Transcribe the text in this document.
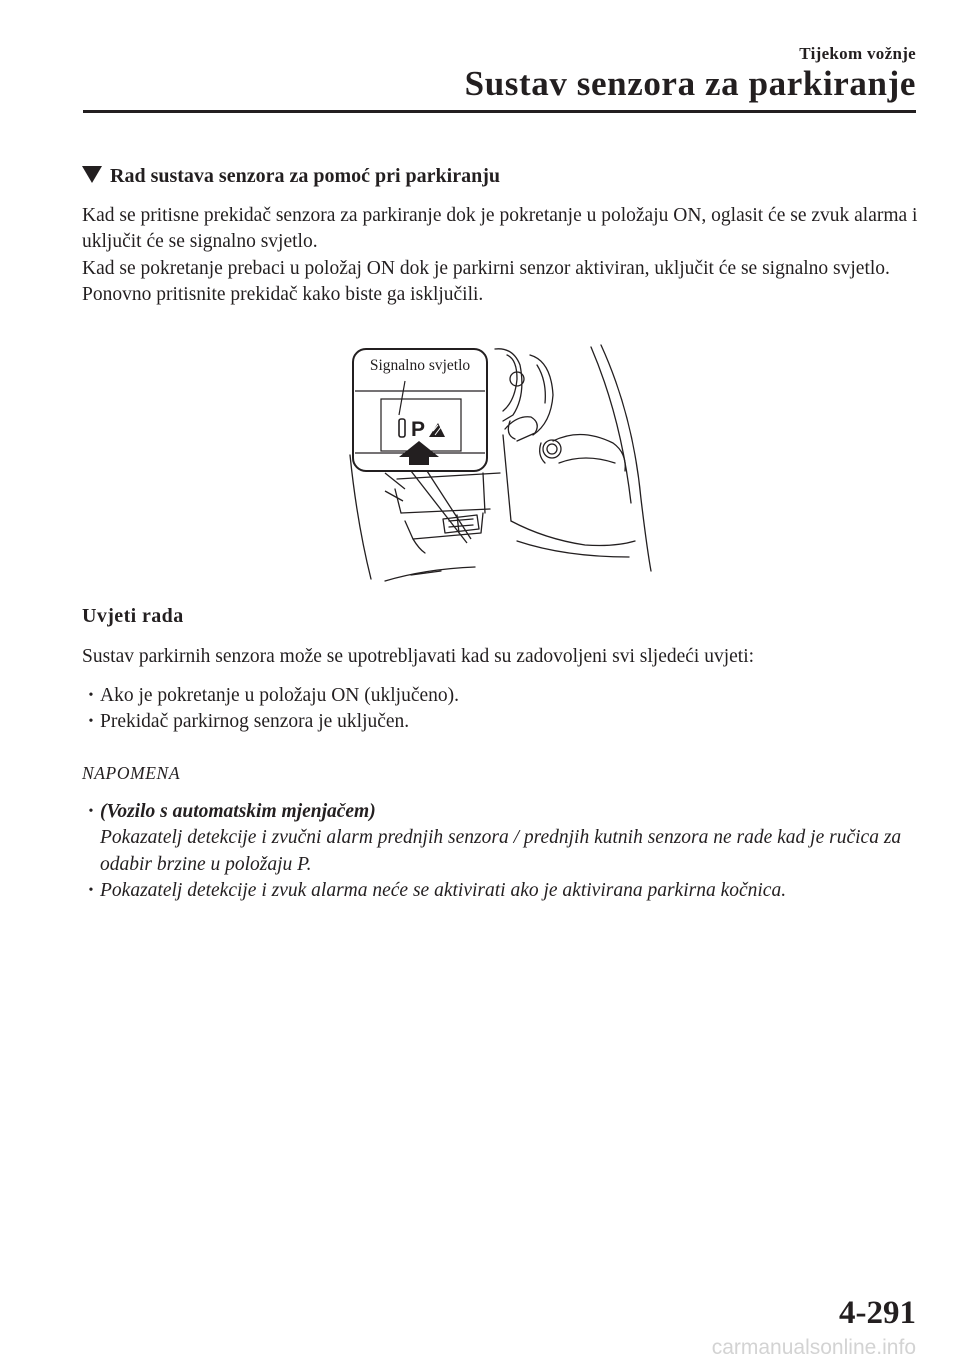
Tijekom vožnje
Sustav senzora za parkiranje
Rad sustava senzora za pomoć pri parkiranju

Kad se pritisne prekidač senzora za parkiranje dok je pokretanje u položaju ON, oglasit će se zvuk alarma i uključit će se signalno svjetlo.

Kad se pokretanje prebaci u položaj ON dok je parkirni senzor aktiviran, uključit će se signalno svjetlo.

Ponovno pritisnite prekidač kako biste ga isključili.

P
Signalno svjetlo
Uvjeti rada
Sustav parkirnih senzora može se upotrebljavati kad su zadovoljeni svi sljedeći uvjeti:
• Ako je pokretanje u položaju ON (uključeno).
• Prekidač parkirnog senzora je uključen.
NAPOMENA
• (Vozilo s automatskim mjenjačem)
Pokazatelj detekcije i zvučni alarm prednjih senzora / prednjih kutnih senzora ne rade kad je ručica za odabir brzine u položaju P.
• Pokazatelj detekcije i zvuk alarma neće se aktivirati ako je aktivirana parkirna kočnica.
4-291
carmanualsonline.info
